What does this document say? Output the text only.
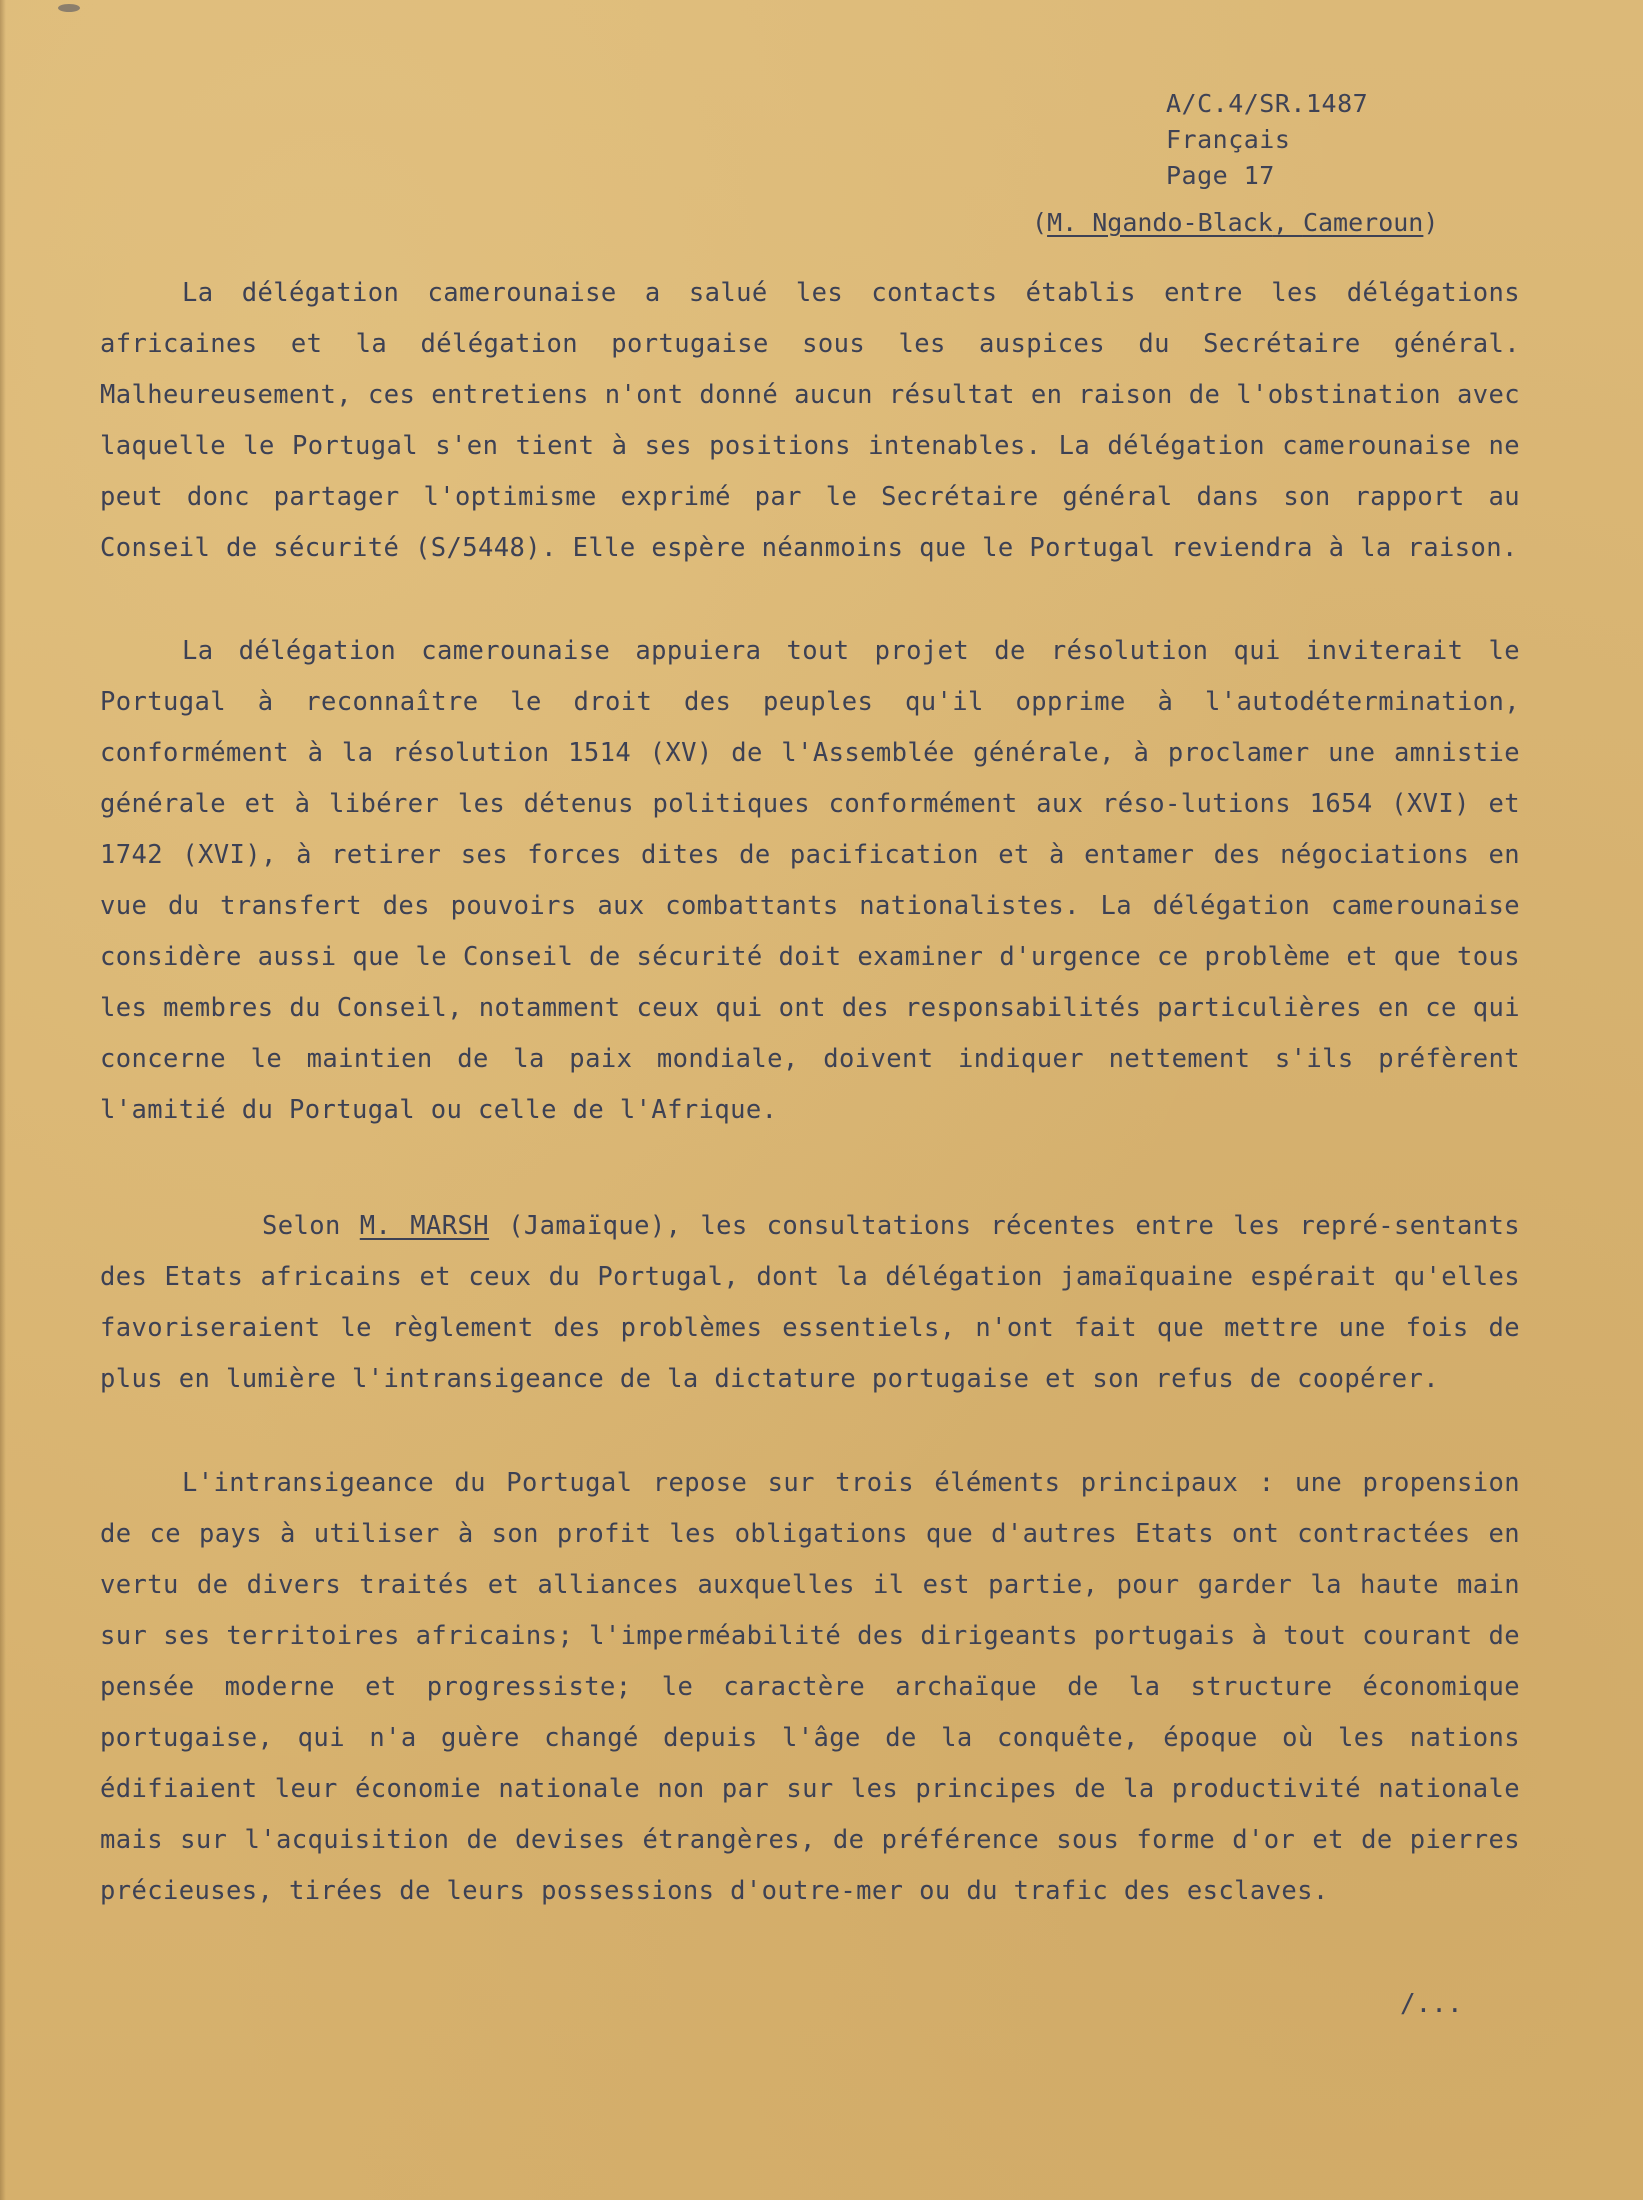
A/C.4/SR.1487
Français
Page 17
(M. Ngando-Black, Cameroun)

La délégation camerounaise a salué les contacts établis entre les délégations africaines et la délégation portugaise sous les auspices du Secrétaire général. Malheureusement, ces entretiens n'ont donné aucun résultat en raison de l'obstination avec laquelle le Portugal s'en tient à ses positions intenables. La délégation camerounaise ne peut donc partager l'optimisme exprimé par le Secrétaire général dans son rapport au Conseil de sécurité (S/5448). Elle espère néanmoins que le Portugal reviendra à la raison.

La délégation camerounaise appuiera tout projet de résolution qui inviterait le Portugal à reconnaître le droit des peuples qu'il opprime à l'autodétermination, conformément à la résolution 1514 (XV) de l'Assemblée générale, à proclamer une amnistie générale et à libérer les détenus politiques conformément aux réso-lutions 1654 (XVI) et 1742 (XVI), à retirer ses forces dites de pacification et à entamer des négociations en vue du transfert des pouvoirs aux combattants nationalistes. La délégation camerounaise considère aussi que le Conseil de sécurité doit examiner d'urgence ce problème et que tous les membres du Conseil, notamment ceux qui ont des responsabilités particulières en ce qui concerne le maintien de la paix mondiale, doivent indiquer nettement s'ils préfèrent l'amitié du Portugal ou celle de l'Afrique.

Selon M. MARSH (Jamaïque), les consultations récentes entre les repré-sentants des Etats africains et ceux du Portugal, dont la délégation jamaïquaine espérait qu'elles favoriseraient le règlement des problèmes essentiels, n'ont fait que mettre une fois de plus en lumière l'intransigeance de la dictature portugaise et son refus de coopérer.

L'intransigeance du Portugal repose sur trois éléments principaux : une propension de ce pays à utiliser à son profit les obligations que d'autres Etats ont contractées en vertu de divers traités et alliances auxquelles il est partie, pour garder la haute main sur ses territoires africains; l'imperméabilité des dirigeants portugais à tout courant de pensée moderne et progressiste; le caractère archaïque de la structure économique portugaise, qui n'a guère changé depuis l'âge de la conquête, époque où les nations édifiaient leur économie nationale non par sur les principes de la productivité nationale mais sur l'acquisition de devises étrangères, de préférence sous forme d'or et de pierres précieuses, tirées de leurs possessions d'outre-mer ou du trafic des esclaves.

/...
